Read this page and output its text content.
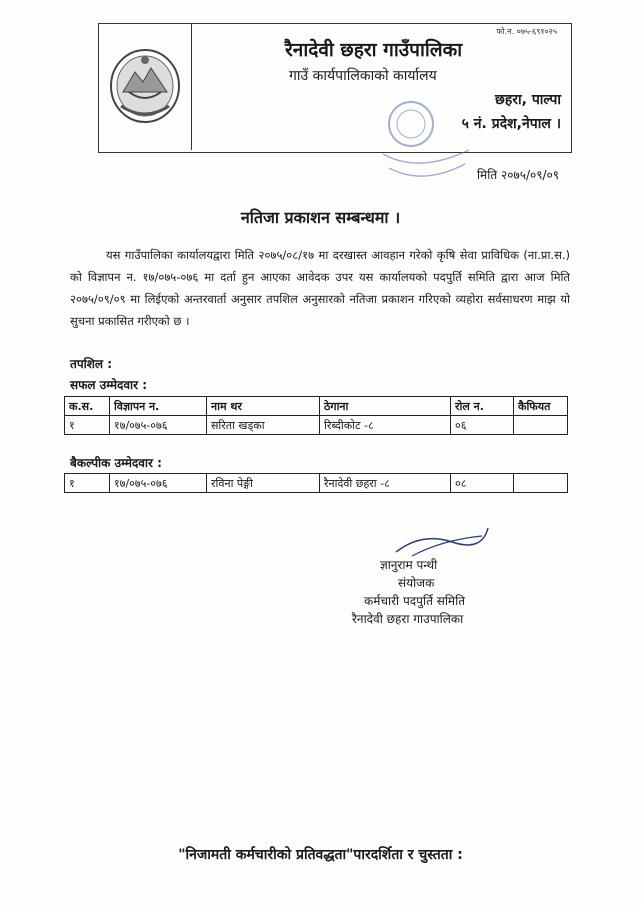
फो.न. ०७५-६९१०२५
रैनादेवी छहरा गाउँपालिका
गाउँ कार्यपालिकाको कार्यालय
छहरा, पाल्पा
५ नं. प्रदेश,नेपाल ।
मिति २०७५/०९/०९
नतिजा प्रकाशन सम्बन्धमा ।
यस गाउँपालिका कार्यालयद्वारा मिति २०७५/०८/१७ मा दरखास्त आवहान गरेको कृषि सेवा प्राविधिक (ना.प्रा.स.) को विज्ञापन न. १७/०७५-०७६ मा दर्ता हुन आएका आवेदक उपर यस कार्यालयको पदपुर्ति समिति द्वारा आज मिति २०७५/०९/०९ मा लिईएको अन्तरवार्ता अनुसार तपशिल अनुसारको नतिजा प्रकाशन गरिएको व्यहोरा सर्वसाधरण माझ यो सुचना प्रकासित गरीएको छ ।
तपशिल :
सफल उम्मेदवार :
क.स.	विज्ञापन न.	नाम थर	ठेगाना	रोल न.	कैफियत
१	१७/०७५-०७६	सरिता खड्का	रिब्दीकोट -८	०६	
बैकल्पीक उम्मेदवार :
१	१७/०७५-०७६	रविना पेङ्गी	रैनादेवी छहरा -८	०८	
ज्ञानुराम पन्थी
संयोजक
कर्मचारी पदपुर्ति समिति
रैनादेवी छहरा गाउपालिका
"निजामती कर्मचारीको प्रतिवद्धता"पारदर्शिता र चुस्तता :
